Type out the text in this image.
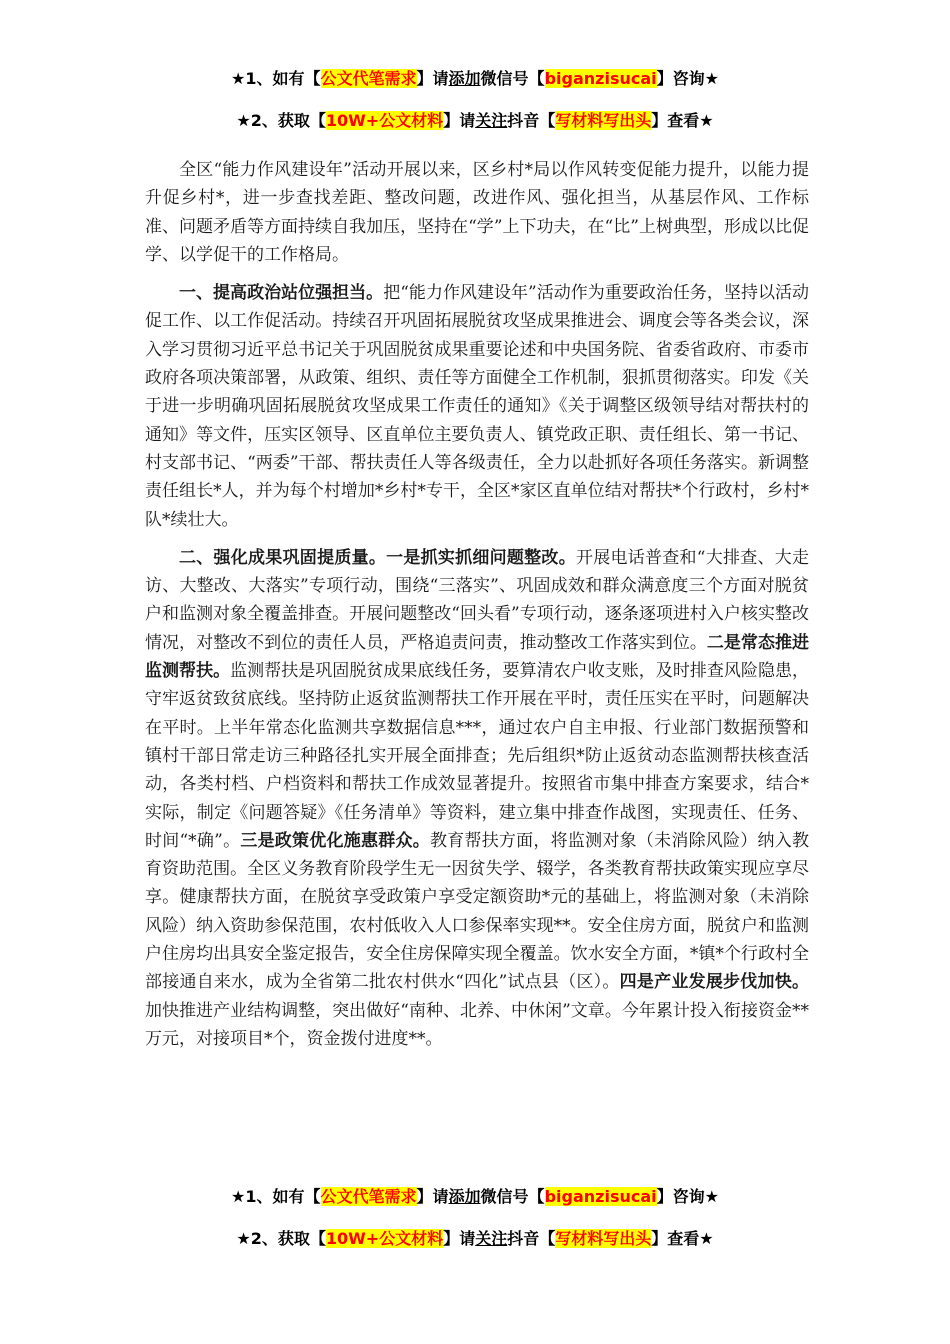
★1、如有【公文代笔需求】请添加微信号【biganzisucai】咨询★
★2、获取【10W+公文材料】请关注抖音【写材料写出头】查看★

全区“能力作风建设年”活动开展以来，区乡村*局以作风转变促能力提升，以能力提升促乡村*，进一步查找差距、整改问题，改进作风、强化担当，从基层作风、工作标准、问题矛盾等方面持续自我加压，坚持在“学”上下功夫，在“比”上树典型，形成以比促学、以学促干的工作格局。

一、提高政治站位强担当。把“能力作风建设年”活动作为重要政治任务，坚持以活动促工作、以工作促活动。持续召开巩固拓展脱贫攻坚成果推进会、调度会等各类会议，深入学习贯彻习近平总书记关于巩固脱贫成果重要论述和中央国务院、省委省政府、市委市政府各项决策部署，从政策、组织、责任等方面健全工作机制，狠抓贯彻落实。印发《关于进一步明确巩固拓展脱贫攻坚成果工作责任的通知》《关于调整区级领导结对帮扶村的通知》等文件，压实区领导、区直单位主要负责人、镇党政正职、责任组长、第一书记、村支部书记、“两委”干部、帮扶责任人等各级责任，全力以赴抓好各项任务落实。新调整责任组长*人，并为每个村增加*乡村*专干，全区*家区直单位结对帮扶*个行政村，乡村*队*续壮大。

二、强化成果巩固提质量。一是抓实抓细问题整改。开展电话普查和“大排查、大走访、大整改、大落实”专项行动，围绕“三落实”、巩固成效和群众满意度三个方面对脱贫户和监测对象全覆盖排查。开展问题整改“回头看”专项行动，逐条逐项进村入户核实整改情况，对整改不到位的责任人员，严格追责问责，推动整改工作落实到位。二是常态推进监测帮扶。监测帮扶是巩固脱贫成果底线任务，要算清农户收支账，及时排查风险隐患，守牢返贫致贫底线。坚持防止返贫监测帮扶工作开展在平时，责任压实在平时，问题解决在平时。上半年常态化监测共享数据信息***，通过农户自主申报、行业部门数据预警和镇村干部日常走访三种路径扎实开展全面排查；先后组织*防止返贫动态监测帮扶核查活动，各类村档、户档资料和帮扶工作成效显著提升。按照省市集中排查方案要求，结合*实际，制定《问题答疑》《任务清单》等资料，建立集中排查作战图，实现责任、任务、时间“*确”。三是政策优化施惠群众。教育帮扶方面，将监测对象（未消除风险）纳入教育资助范围。全区义务教育阶段学生无一因贫失学、辍学，各类教育帮扶政策实现应享尽享。健康帮扶方面，在脱贫享受政策户享受定额资助*元的基础上，将监测对象（未消除风险）纳入资助参保范围，农村低收入人口参保率实现**。安全住房方面，脱贫户和监测户住房均出具安全鉴定报告，安全住房保障实现全覆盖。饮水安全方面，*镇*个行政村全部接通自来水，成为全省第二批农村供水“四化”试点县（区）。四是产业发展步伐加快。加快推进产业结构调整，突出做好“南种、北养、中休闲”文章。今年累计投入衔接资金**万元，对接项目*个，资金拨付进度**。

★1、如有【公文代笔需求】请添加微信号【biganzisucai】咨询★
★2、获取【10W+公文材料】请关注抖音【写材料写出头】查看★
